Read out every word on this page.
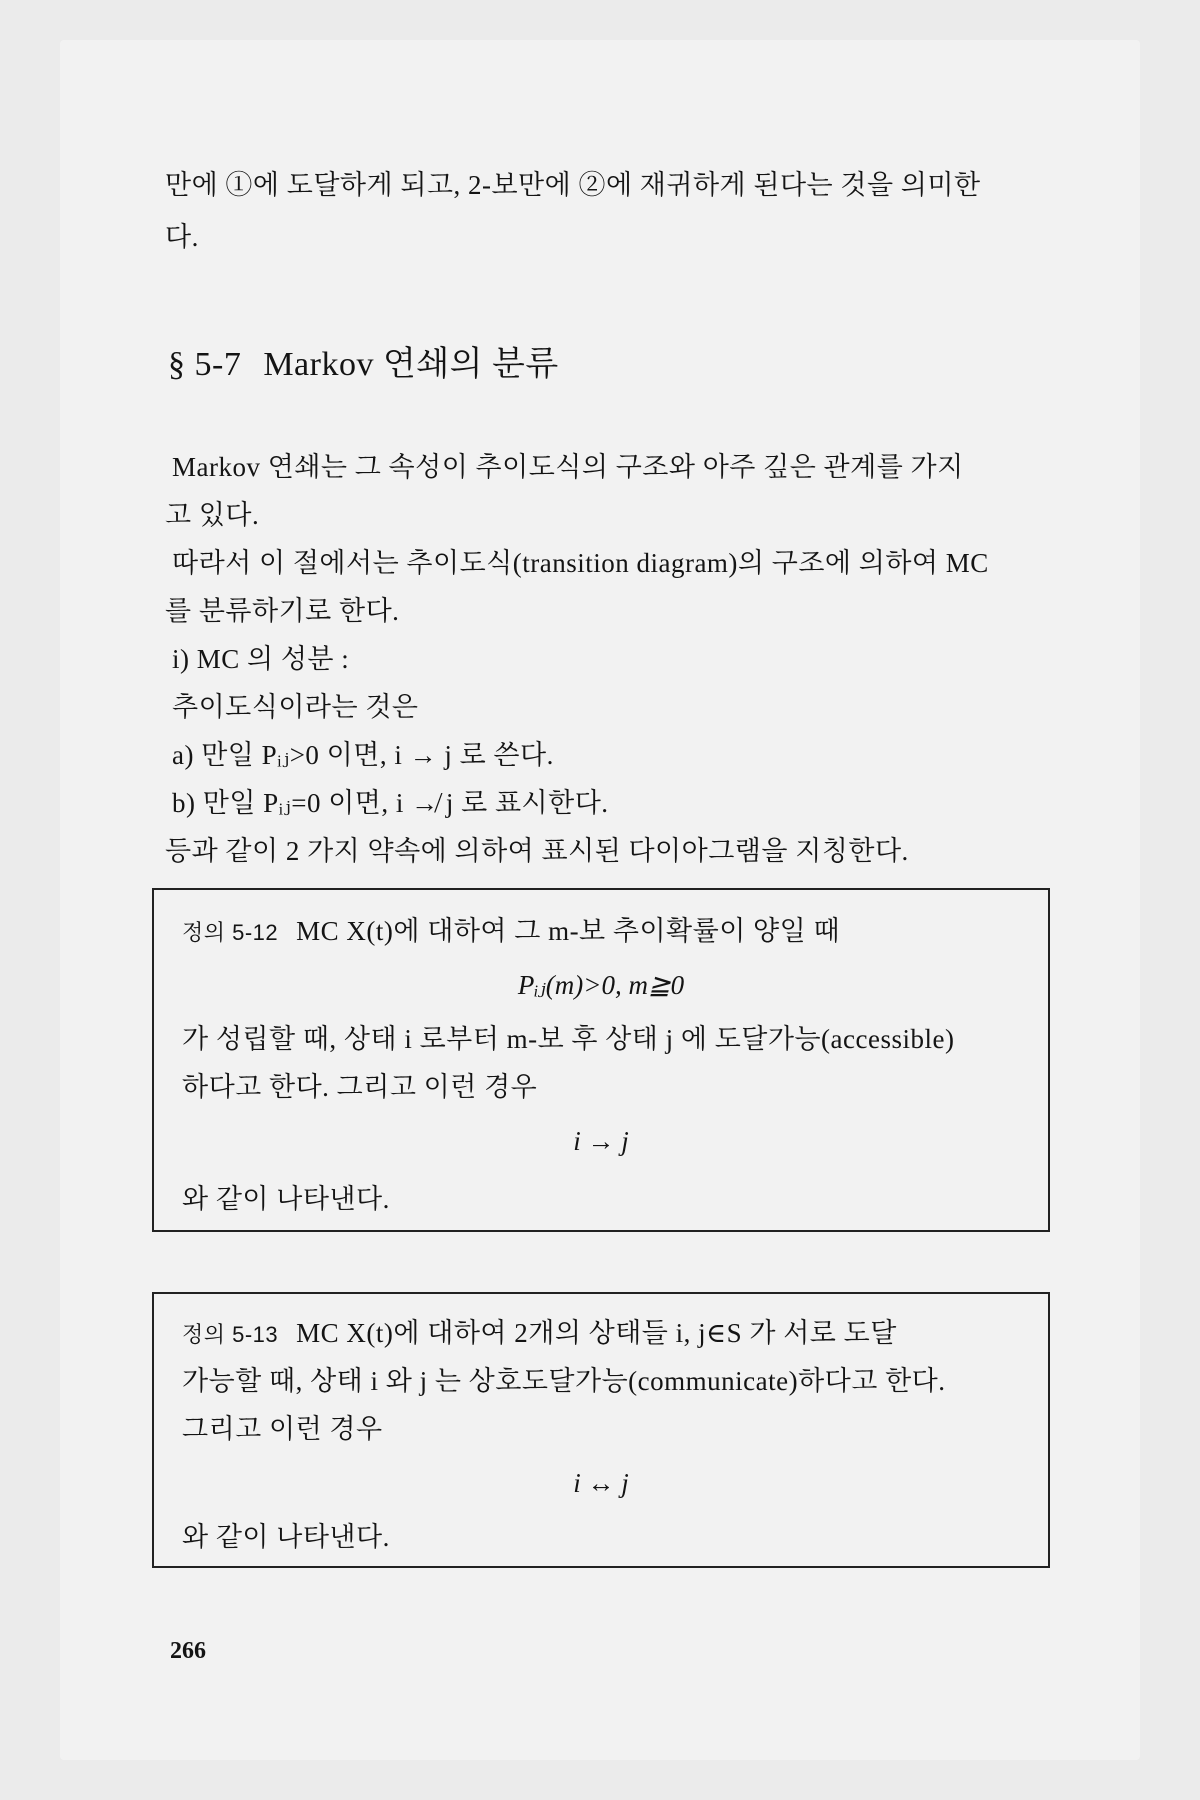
만에 ①에 도달하게 되고, 2-보만에 ②에 재귀하게 된다는 것을 의미한
다.
§ 5-7 Markov 연쇄의 분류
Markov 연쇄는 그 속성이 추이도식의 구조와 아주 깊은 관계를 가지
고 있다.
따라서 이 절에서는 추이도식(transition diagram)의 구조에 의하여 MC
를 분류하기로 한다.
i) MC 의 성분 :
추이도식이라는 것은
a) 만일 Pᵢⱼ>0 이면, i → j 로 쓴다.
b) 만일 Pᵢⱼ=0 이면, i ↛ j 로 표시한다.
등과 같이 2 가지 약속에 의하여 표시된 다이아그램을 지칭한다.
정의 5-12 MC X(t)에 대하여 그 m-보 추이확률이 양일 때
Pᵢⱼ(m)>0, m≧0
가 성립할 때, 상태 i 로부터 m-보 후 상태 j 에 도달가능(accessible)
하다고 한다. 그리고 이런 경우
i → j
와 같이 나타낸다.
정의 5-13 MC X(t)에 대하여 2개의 상태들 i, j∈S 가 서로 도달
가능할 때, 상태 i 와 j 는 상호도달가능(communicate)하다고 한다.
그리고 이런 경우
i ↔ j
와 같이 나타낸다.
266
